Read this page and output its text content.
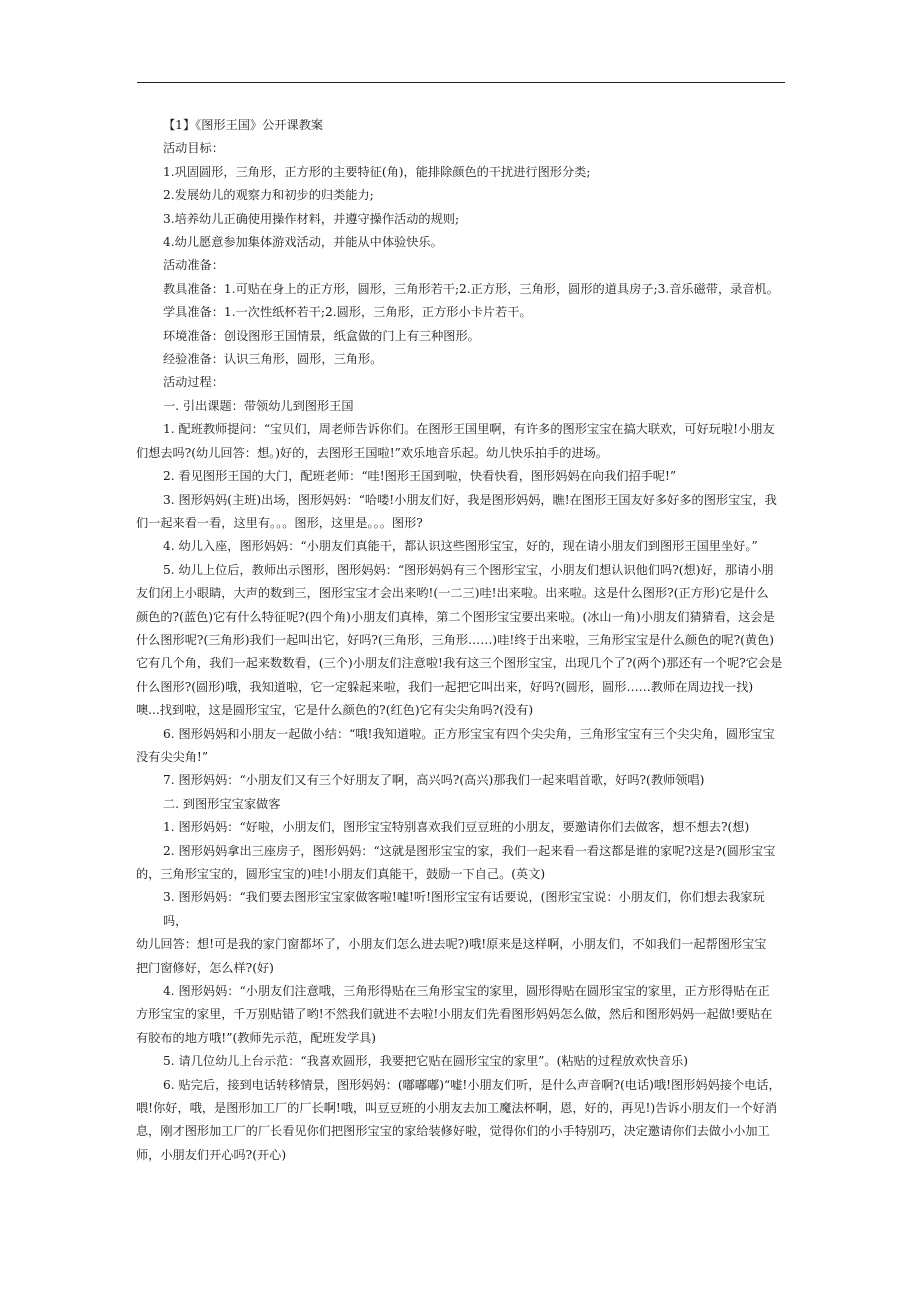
【1】《图形王国》公开课教案

活动目标：

1.巩固圆形，三角形，正方形的主要特征(角)，能排除颜色的干扰进行图形分类;

2.发展幼儿的观察力和初步的归类能力;

3.培养幼儿正确使用操作材料，并遵守操作活动的规则;

4.幼儿愿意参加集体游戏活动，并能从中体验快乐。

活动准备：

教具准备：1.可贴在身上的正方形，圆形，三角形若干;2.正方形，三角形，圆形的道具房子;3.音乐磁带，录音机。

学具准备：1.一次性纸杯若干;2.圆形，三角形，正方形小卡片若干。

环境准备：创设图形王国情景，纸盒做的门上有三种图形。

经验准备：认识三角形，圆形，三角形。

活动过程：

一. 引出课题：带领幼儿到图形王国

1. 配班教师提问：“宝贝们，周老师告诉你们。在图形王国里啊，有许多的图形宝宝在搞大联欢，可好玩啦!小朋友
们想去吗?(幼儿回答：想。)好的，去图形王国啦!”欢乐地音乐起。幼儿快乐拍手的进场。

2. 看见图形王国的大门，配班老师：“哇!图形王国到啦，快看快看，图形妈妈在向我们招手呢!”

3. 图形妈妈(主班)出场，图形妈妈：“哈喽!小朋友们好，我是图形妈妈，瞧!在图形王国友好多好多的图形宝宝，我
们一起来看一看，这里有。。。图形，这里是。。。图形?

4. 幼儿入座，图形妈妈：“小朋友们真能干，都认识这些图形宝宝，好的，现在请小朋友们到图形王国里坐好。”

5. 幼儿上位后，教师出示图形，图形妈妈：“图形妈妈有三个图形宝宝，小朋友们想认识他们吗?(想)好，那请小朋
友们闭上小眼睛，大声的数到三，图形宝宝才会出来哟!(一二三)哇!出来啦。出来啦。这是什么图形?(正方形)它是什么
颜色的?(蓝色)它有什么特征呢?(四个角)小朋友们真棒，第二个图形宝宝要出来啦。(冰山一角)小朋友们猜猜看，这会是
什么图形呢?(三角形)我们一起叫出它，好吗?(三角形，三角形……)哇!终于出来啦，三角形宝宝是什么颜色的呢?(黄色)
它有几个角，我们一起来数数看，(三个)小朋友们注意啦!我有这三个图形宝宝，出现几个了?(两个)那还有一个呢?它会是
什么图形?(圆形)哦，我知道啦，它一定躲起来啦，我们一起把它叫出来，好吗?(圆形，圆形……教师在周边找一找)
噢...找到啦，这是圆形宝宝，它是什么颜色的?(红色)它有尖尖角吗?(没有)

6. 图形妈妈和小朋友一起做小结：“哦!我知道啦。正方形宝宝有四个尖尖角，三角形宝宝有三个尖尖角，圆形宝宝
没有尖尖角!”

7. 图形妈妈：“小朋友们又有三个好朋友了啊，高兴吗?(高兴)那我们一起来唱首歌，好吗?(教师领唱)

二. 到图形宝宝家做客

1. 图形妈妈：“好啦，小朋友们，图形宝宝特别喜欢我们豆豆班的小朋友，要邀请你们去做客，想不想去?(想)

2. 图形妈妈拿出三座房子，图形妈妈：“这就是图形宝宝的家，我们一起来看一看这都是谁的家呢?这是?(圆形宝宝
的，三角形宝宝的，圆形宝宝的)哇!小朋友们真能干，鼓励一下自己。(英文)

3. 图形妈妈：“我们要去图形宝宝家做客啦!嘘!听!图形宝宝有话要说，(图形宝宝说：小朋友们，你们想去我家玩吗，
幼儿回答：想!可是我的家门窗都坏了，小朋友们怎么进去呢?)哦!原来是这样啊，小朋友们，不如我们一起帮图形宝宝
把门窗修好，怎么样?(好)

4. 图形妈妈：“小朋友们注意哦，三角形得贴在三角形宝宝的家里，圆形得贴在圆形宝宝的家里，正方形得贴在正
方形宝宝的家里，千万别贴错了哟!不然我们就进不去啦!小朋友们先看图形妈妈怎么做，然后和图形妈妈一起做!要贴在
有胶布的地方哦!”(教师先示范，配班发学具)

5. 请几位幼儿上台示范：“我喜欢圆形，我要把它贴在圆形宝宝的家里”。(粘贴的过程放欢快音乐)

6. 贴完后，接到电话转移情景，图形妈妈：(嘟嘟嘟)“嘘!小朋友们听，是什么声音啊?(电话)哦!图形妈妈接个电话，
喂!你好，哦，是图形加工厂的厂长啊!哦，叫豆豆班的小朋友去加工魔法杯啊，恩，好的，再见!)告诉小朋友们一个好消
息，刚才图形加工厂的厂长看见你们把图形宝宝的家给装修好啦，觉得你们的小手特别巧，决定邀请你们去做小小加工
师，小朋友们开心吗?(开心)
